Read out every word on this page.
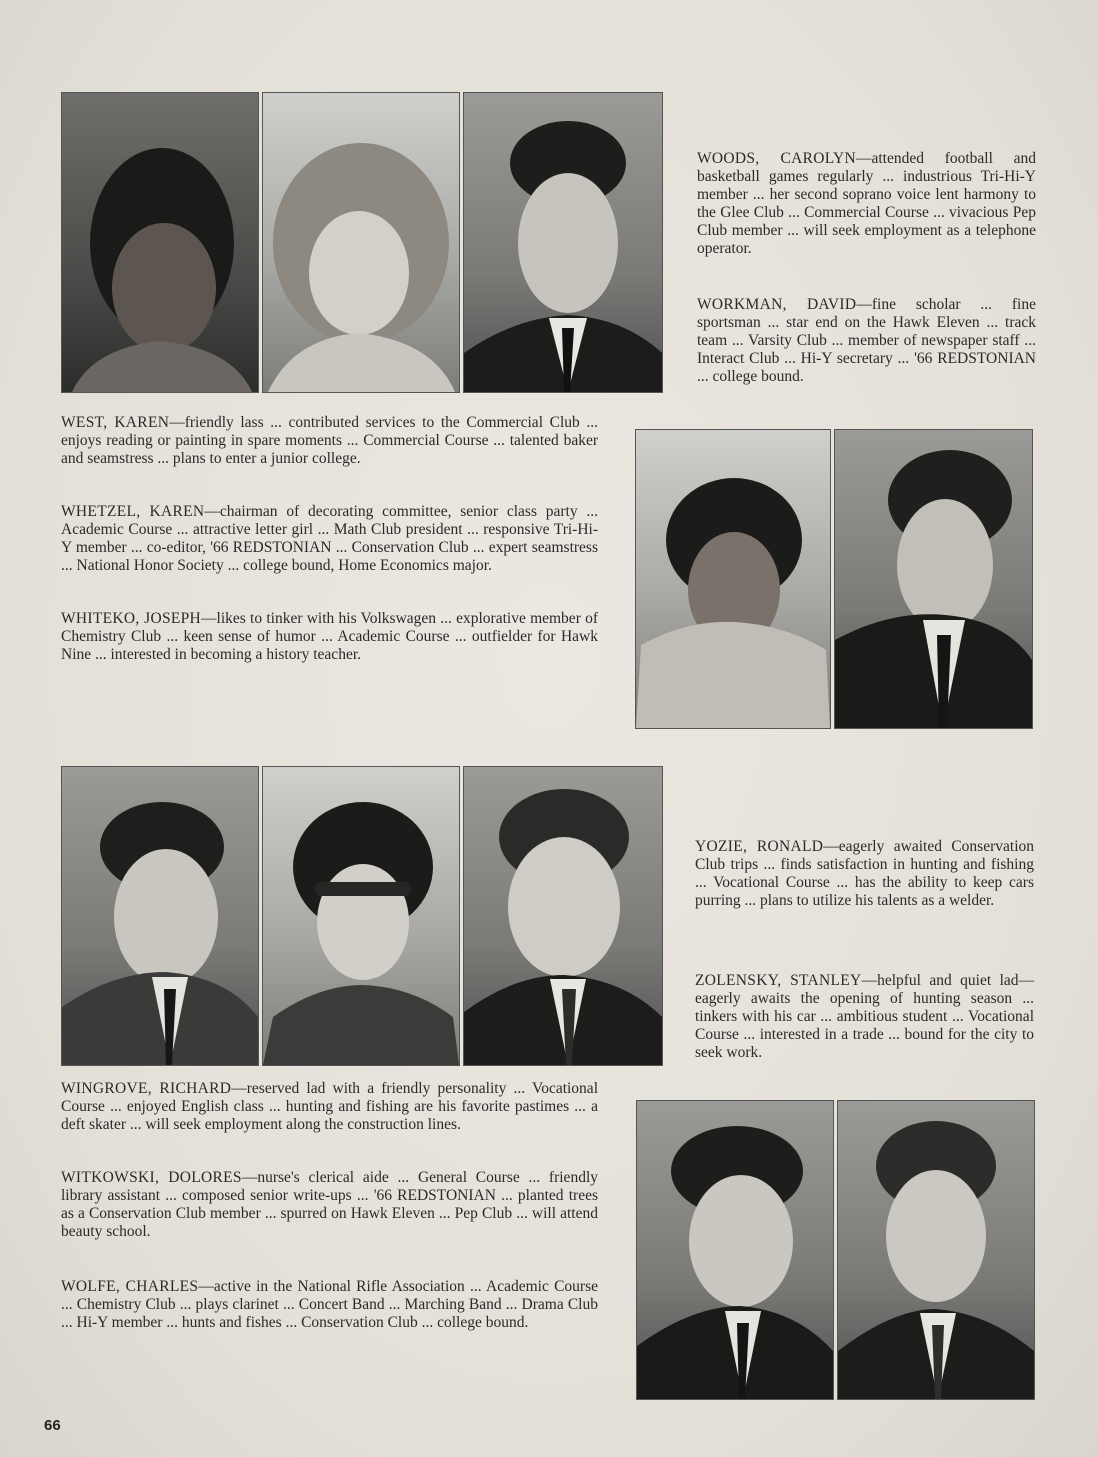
WOODS, CAROLYN—attended football and basketball games regularly ... industrious Tri-Hi-Y member ... her second soprano voice lent harmony to the Glee Club ... Commercial Course ... vivacious Pep Club member ... will seek employment as a telephone operator.

WORKMAN, DAVID—fine scholar ... fine sportsman ... star end on the Hawk Eleven ... track team ... Varsity Club ... member of newspaper staff ... Interact Club ... Hi-Y secretary ... '66 REDSTONIAN ... college bound.

WEST, KAREN—friendly lass ... contributed services to the Commercial Club ... enjoys reading or painting in spare moments ... Commercial Course ... talented baker and seamstress ... plans to enter a junior college.

WHETZEL, KAREN—chairman of decorating committee, senior class party ... Academic Course ... attractive letter girl ... Math Club president ... responsive Tri-Hi-Y member ... co-editor, '66 REDSTONIAN ... Conservation Club ... expert seamstress ... National Honor Society ... college bound, Home Economics major.

WHITEKO, JOSEPH—likes to tinker with his Volkswagen ... explorative member of Chemistry Club ... keen sense of humor ... Academic Course ... outfielder for Hawk Nine ... interested in becoming a history teacher.

YOZIE, RONALD—eagerly awaited Conservation Club trips ... finds satisfaction in hunting and fishing ... Vocational Course ... has the ability to keep cars purring ... plans to utilize his talents as a welder.

ZOLENSKY, STANLEY—helpful and quiet lad—eagerly awaits the opening of hunting season ... tinkers with his car ... ambitious student ... Vocational Course ... interested in a trade ... bound for the city to seek work.

WINGROVE, RICHARD—reserved lad with a friendly personality ... Vocational Course ... enjoyed English class ... hunting and fishing are his favorite pastimes ... a deft skater ... will seek employment along the construction lines.

WITKOWSKI, DOLORES—nurse's clerical aide ... General Course ... friendly library assistant ... composed senior write-ups ... '66 REDSTONIAN ... planted trees as a Conservation Club member ... spurred on Hawk Eleven ... Pep Club ... will attend beauty school.

WOLFE, CHARLES—active in the National Rifle Association ... Academic Course ... Chemistry Club ... plays clarinet ... Concert Band ... Marching Band ... Drama Club ... Hi-Y member ... hunts and fishes ... Conservation Club ... college bound.

66
